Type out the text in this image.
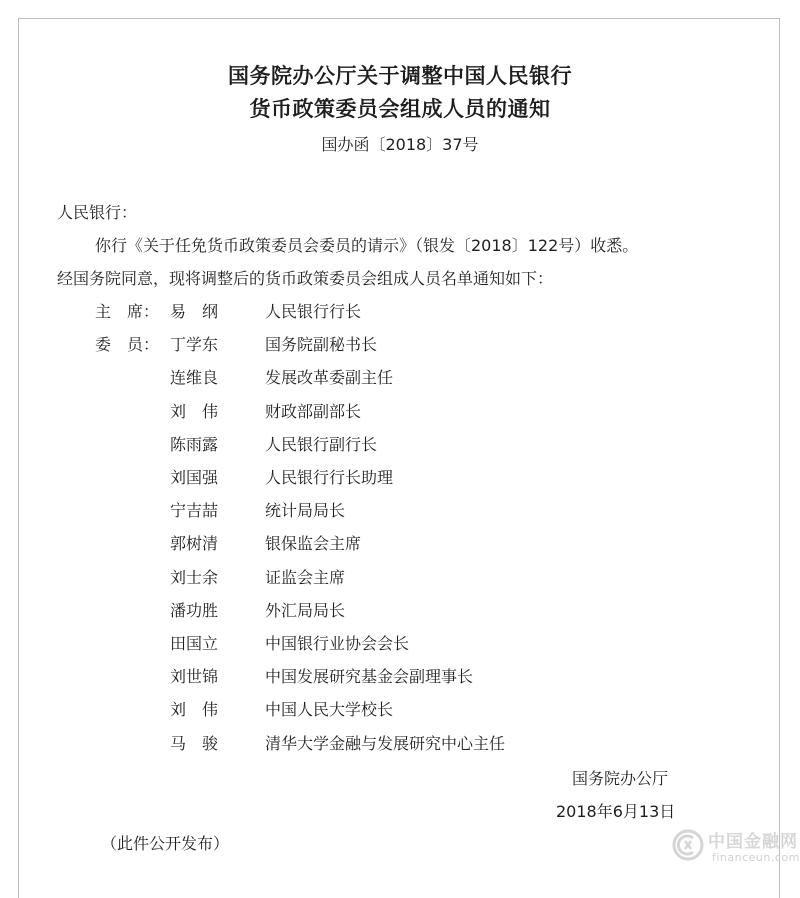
国务院办公厅关于调整中国人民银行
货币政策委员会组成人员的通知
国办函〔2018〕37号
人民银行：
你行《关于任免货币政策委员会委员的请示》（银发〔2018〕122号）收悉。
经国务院同意，现将调整后的货币政策委员会组成人员名单通知如下：
主　席： 易　纲	人民银行行长
委　员： 丁学东	国务院副秘书长
连维良	发展改革委副主任
刘　伟	财政部副部长
陈雨露	人民银行副行长
刘国强	人民银行行长助理
宁吉喆	统计局局长
郭树清	银保监会主席
刘士余	证监会主席
潘功胜	外汇局局长
田国立	中国银行业协会会长
刘世锦	中国发展研究基金会副理事长
刘　伟	中国人民大学校长
马　骏	清华大学金融与发展研究中心主任
国务院办公厅
2018年6月13日
（此件公开发布）	中国金融网
financeun.com
